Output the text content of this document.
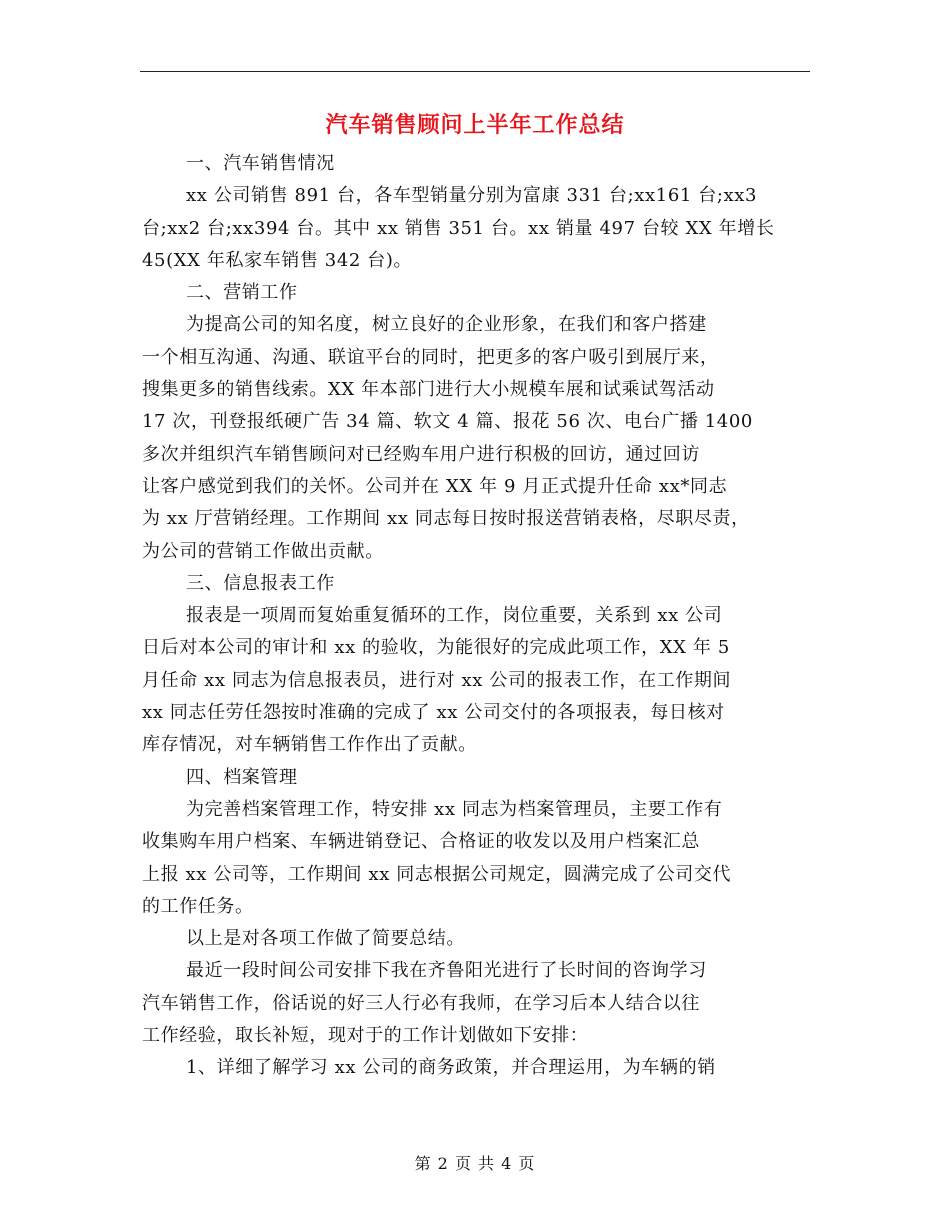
汽车销售顾问上半年工作总结
一、汽车销售情况
xx 公司销售 891 台，各车型销量分别为富康 331 台;xx161 台;xx3
台;xx2 台;xx394 台。其中 xx 销售 351 台。xx 销量 497 台较 XX 年增长
45(XX 年私家车销售 342 台)。
二、营销工作
为提高公司的知名度，树立良好的企业形象，在我们和客户搭建
一个相互沟通、沟通、联谊平台的同时，把更多的客户吸引到展厅来，
搜集更多的销售线索。XX 年本部门进行大小规模车展和试乘试驾活动
17 次，刊登报纸硬广告 34 篇、软文 4 篇、报花 56 次、电台广播 1400
多次并组织汽车销售顾问对已经购车用户进行积极的回访，通过回访
让客户感觉到我们的关怀。公司并在 XX 年 9 月正式提升任命 xx*同志
为 xx 厅营销经理。工作期间 xx 同志每日按时报送营销表格，尽职尽责，
为公司的营销工作做出贡献。
三、信息报表工作
报表是一项周而复始重复循环的工作，岗位重要，关系到 xx 公司
日后对本公司的审计和 xx 的验收，为能很好的完成此项工作，XX 年 5
月任命 xx 同志为信息报表员，进行对 xx 公司的报表工作，在工作期间
xx 同志任劳任怨按时准确的完成了 xx 公司交付的各项报表，每日核对
库存情况，对车辆销售工作作出了贡献。
四、档案管理
为完善档案管理工作，特安排 xx 同志为档案管理员，主要工作有
收集购车用户档案、车辆进销登记、合格证的收发以及用户档案汇总
上报 xx 公司等，工作期间 xx 同志根据公司规定，圆满完成了公司交代
的工作任务。
以上是对各项工作做了简要总结。
最近一段时间公司安排下我在齐鲁阳光进行了长时间的咨询学习
汽车销售工作，俗话说的好三人行必有我师，在学习后本人结合以往
工作经验，取长补短，现对于的工作计划做如下安排：
1、详细了解学习 xx 公司的商务政策，并合理运用，为车辆的销
第 2 页 共 4 页
